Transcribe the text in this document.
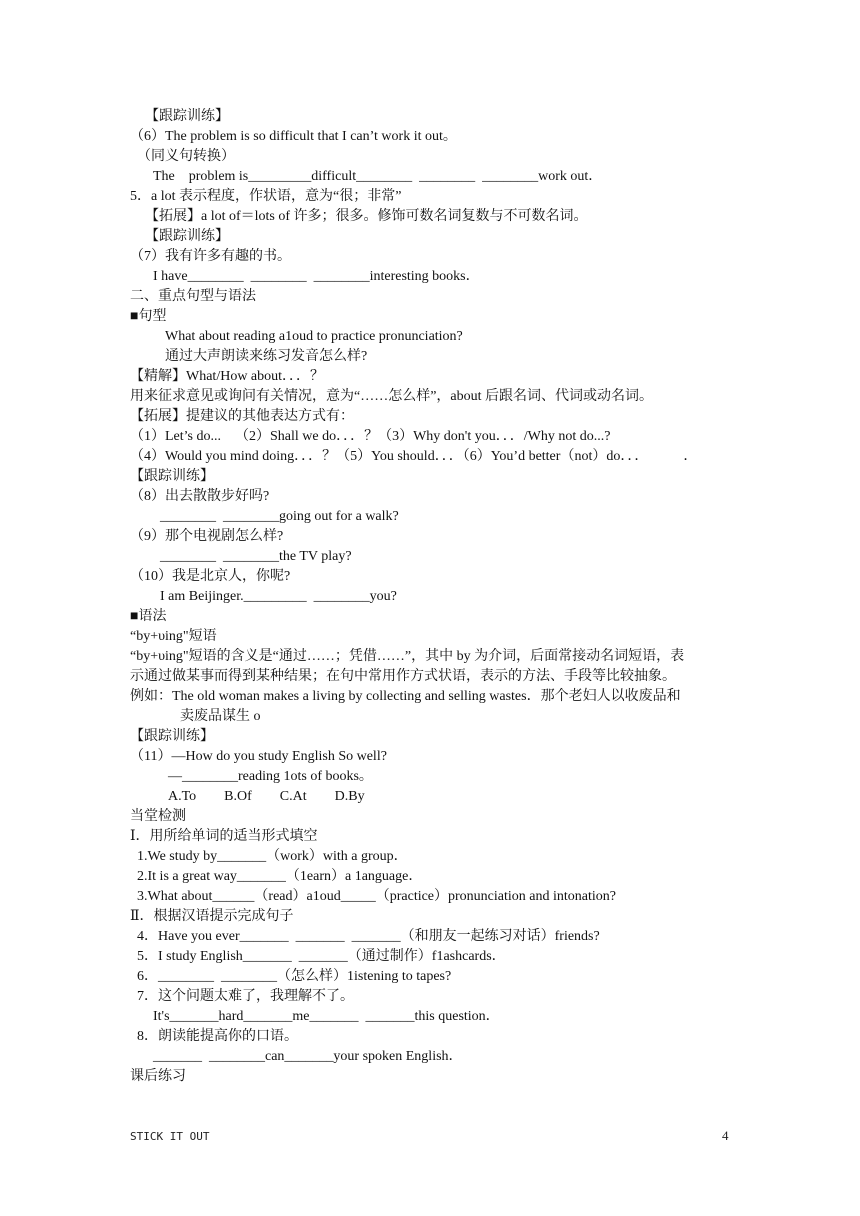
【跟踪训练】
（6）The problem is so difficult that I can’t work it out。
（同义句转换）
The    problem is_________difficult________  ________  ________work out．
5．a lot 表示程度，作状语，意为“很；非常”
【拓展】a lot of＝lots of 许多；很多。修饰可数名词复数与不可数名词。
【跟踪训练】
（7）我有许多有趣的书。
I have________  ________  ________interesting books．
二、重点句型与语法
■句型
What about reading a1oud to practice pronunciation?
通过大声朗读来练习发音怎么样?
【精解】What/How about．．．？
用来征求意见或询问有关情况，意为“……怎么样”，about 后跟名词、代词或动名词。
【拓展】提建议的其他表达方式有：
（1）Let’s do...    （2）Shall we do．．．？（3）Why don't you．．．/Why not do...?
（4）Would you mind doing．．．？（5）You should．．．（6）You’d better（not）do．．．          ．
【跟踪训练】
（8）出去散散步好吗?
________  ________going out for a walk?
（9）那个电视剧怎么样?
________  ________the TV play?
（10）我是北京人，你呢?
I am Beijinger._________  ________you?
■语法
“by+υing"短语
“by+υing"短语的含义是“通过……；凭借……”，其中 by 为介词，后面常接动名词短语，表
示通过做某事而得到某种结果；在句中常用作方式状语，表示的方法、手段等比较抽象。
例如：The old woman makes a living by collecting and selling wastes．那个老妇人以收废品和
卖废品谋生 o
【跟踪训练】
（11）—How do you study English So well?
—________reading 1ots of books。
A.To        B.Of        C.At        D.By
当堂检测
Ⅰ．用所给单词的适当形式填空
1.We study by_______（work）with a group．
2.It is a great way_______（1earn）a 1anguage．
3.What about______（read）a1oud_____（practice）pronunciation and intonation?
Ⅱ．根据汉语提示完成句子
4．Have you ever_______  _______  _______（和朋友一起练习对话）friends?
5．I study English_______  _______（通过制作）f1ashcards．
6．________  ________（怎么样）1istening to tapes?
7．这个问题太难了，我理解不了。
It's_______hard_______me_______  _______this question．
8．朗读能提高你的口语。
_______  ________can_______your spoken English．
课后练习
STICK IT OUT	4
